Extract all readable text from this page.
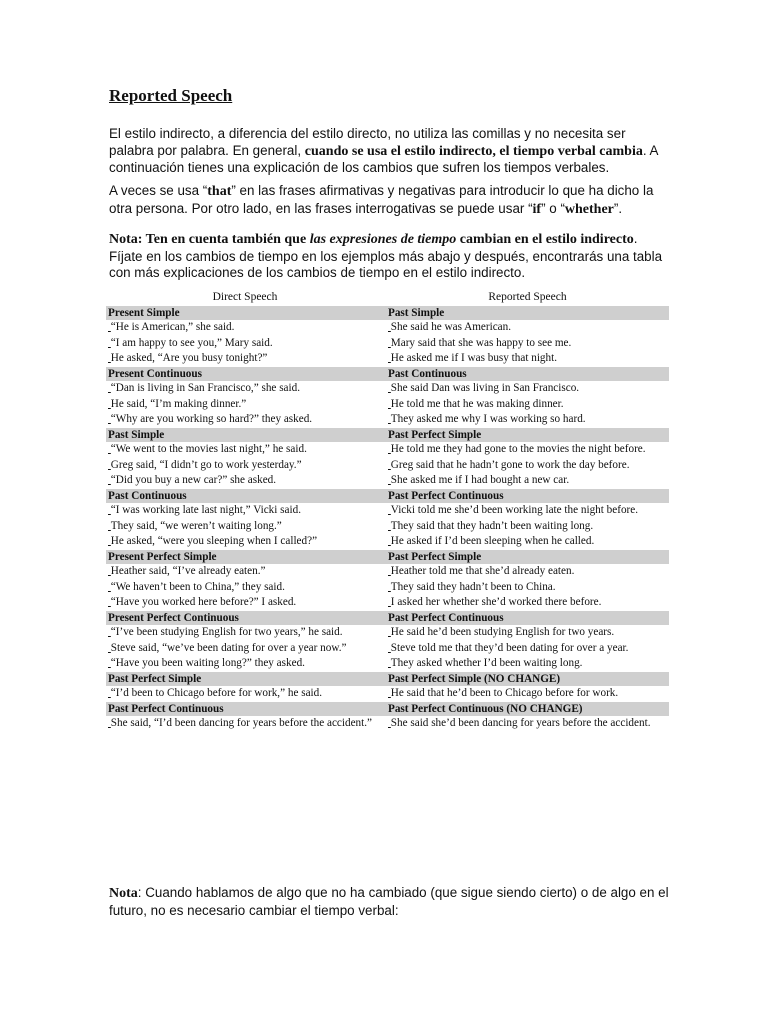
Reported Speech

El estilo indirecto, a diferencia del estilo directo, no utiliza las comillas y no necesita ser palabra por palabra. En general, cuando se usa el estilo indirecto, el tiempo verbal cambia. A continuación tienes una explicación de los cambios que sufren los tiempos verbales.

A veces se usa “that” en las frases afirmativas y negativas para introducir lo que ha dicho la otra persona. Por otro lado, en las frases interrogativas se puede usar “if” o “whether”.

Nota: Ten en cuenta también que las expresiones de tiempo cambian en el estilo indirecto. Fíjate en los cambios de tiempo en los ejemplos más abajo y después, encontrarás una tabla con más explicaciones de los cambios de tiempo en el estilo indirecto.

Direct Speech	Reported Speech
Present Simple	Past Simple
“He is American,” she said.	She said he was American.
“I am happy to see you,” Mary said.	Mary said that she was happy to see me.
He asked, “Are you busy tonight?”	He asked me if I was busy that night.
Present Continuous	Past Continuous
“Dan is living in San Francisco,” she said.	She said Dan was living in San Francisco.
He said, “I’m making dinner.”	He told me that he was making dinner.
“Why are you working so hard?” they asked.	They asked me why I was working so hard.
Past Simple	Past Perfect Simple
“We went to the movies last night,” he said.	He told me they had gone to the movies the night before.
Greg said, “I didn’t go to work yesterday.”	Greg said that he hadn’t gone to work the day before.
“Did you buy a new car?” she asked.	She asked me if I had bought a new car.
Past Continuous	Past Perfect Continuous
“I was working late last night,” Vicki said.	Vicki told me she’d been working late the night before.
They said, “we weren’t waiting long.”	They said that they hadn’t been waiting long.
He asked, “were you sleeping when I called?”	He asked if I’d been sleeping when he called.
Present Perfect Simple	Past Perfect Simple
Heather said, “I’ve already eaten.”	Heather told me that she’d already eaten.
“We haven’t been to China,” they said.	They said they hadn’t been to China.
“Have you worked here before?” I asked.	I asked her whether she’d worked there before.
Present Perfect Continuous	Past Perfect Continuous
“I’ve been studying English for two years,” he said.	He said he’d been studying English for two years.
Steve said, “we’ve been dating for over a year now.”	Steve told me that they’d been dating for over a year.
“Have you been waiting long?” they asked.	They asked whether I’d been waiting long.
Past Perfect Simple	Past Perfect Simple (NO CHANGE)
“I’d been to Chicago before for work,” he said.	He said that he’d been to Chicago before for work.
Past Perfect Continuous	Past Perfect Continuous (NO CHANGE)
She said, “I’d been dancing for years before the accident.”	She said she’d been dancing for years before the accident.

Nota: Cuando hablamos de algo que no ha cambiado (que sigue siendo cierto) o de algo en el futuro, no es necesario cambiar el tiempo verbal:
